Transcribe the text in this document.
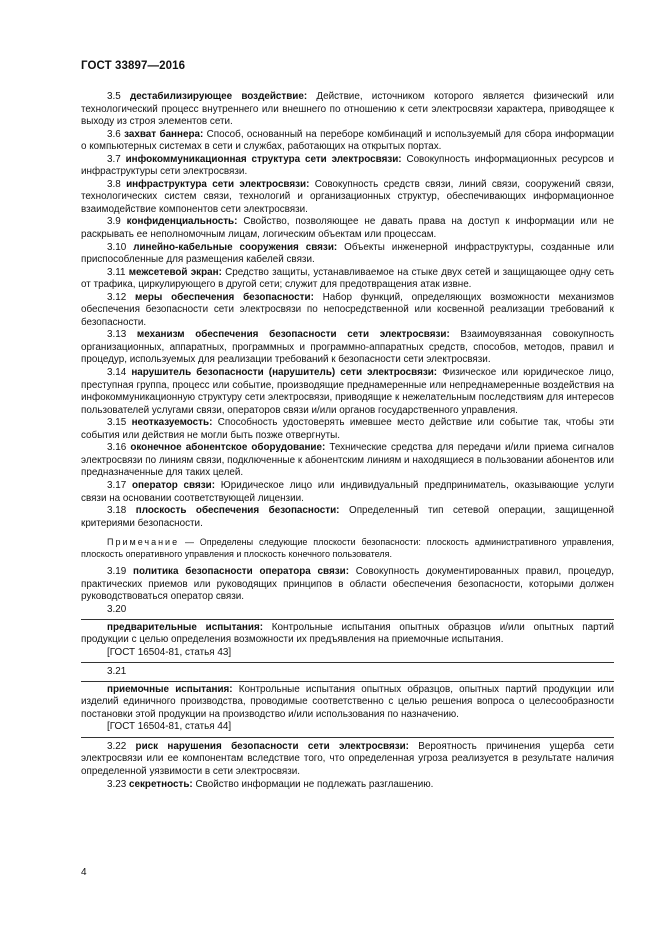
ГОСТ 33897—2016

3.5 дестабилизирующее воздействие: Действие, источником которого является физический или технологический процесс внутреннего или внешнего по отношению к сети электросвязи характера, приводящее к выходу из строя элементов сети.

3.6 захват баннера: Способ, основанный на переборе комбинаций и используемый для сбора информации о компьютерных системах в сети и службах, работающих на открытых портах.

3.7 инфокоммуникационная структура сети электросвязи: Совокупность информационных ресурсов и инфраструктуры сети электросвязи.

3.8 инфраструктура сети электросвязи: Совокупность средств связи, линий связи, сооружений связи, технологических систем связи, технологий и организационных структур, обеспечивающих информационное взаимодействие компонентов сети электросвязи.

3.9 конфиденциальность: Свойство, позволяющее не давать права на доступ к информации или не раскрывать ее неполномочным лицам, логическим объектам или процессам.

3.10 линейно-кабельные сооружения связи: Объекты инженерной инфраструктуры, созданные или приспособленные для размещения кабелей связи.

3.11 межсетевой экран: Средство защиты, устанавливаемое на стыке двух сетей и защищающее одну сеть от трафика, циркулирующего в другой сети; служит для предотвращения атак извне.

3.12 меры обеспечения безопасности: Набор функций, определяющих возможности механизмов обеспечения безопасности сети электросвязи по непосредственной или косвенной реализации требований к безопасности.

3.13 механизм обеспечения безопасности сети электросвязи: Взаимоувязанная совокупность организационных, аппаратных, программных и программно-аппаратных средств, способов, методов, правил и процедур, используемых для реализации требований к безопасности сети электросвязи.

3.14 нарушитель безопасности (нарушитель) сети электросвязи: Физическое или юридическое лицо, преступная группа, процесс или событие, производящие преднамеренные или непреднамеренные воздействия на инфокоммуникационную структуру сети электросвязи, приводящие к нежелательным последствиям для интересов пользователей услугами связи, операторов связи и/или органов государственного управления.

3.15 неотказуемость: Способность удостоверять имевшее место действие или событие так, чтобы эти события или действия не могли быть позже отвергнуты.

3.16 оконечное абонентское оборудование: Технические средства для передачи и/или приема сигналов электросвязи по линиям связи, подключенные к абонентским линиям и находящиеся в пользовании абонентов или предназначенные для таких целей.

3.17 оператор связи: Юридическое лицо или индивидуальный предприниматель, оказывающие услуги связи на основании соответствующей лицензии.

3.18 плоскость обеспечения безопасности: Определенный тип сетевой операции, защищенной критериями безопасности.

Примечание — Определены следующие плоскости безопасности: плоскость административного управления, плоскость оперативного управления и плоскость конечного пользователя.

3.19 политика безопасности оператора связи: Совокупность документированных правил, процедур, практических приемов или руководящих принципов в области обеспечения безопасности, которыми должен руководствоваться оператор связи.

3.20

предварительные испытания: Контрольные испытания опытных образцов и/или опытных партий продукции с целью определения возможности их предъявления на приемочные испытания.

[ГОСТ 16504-81, статья 43]

3.21

приемочные испытания: Контрольные испытания опытных образцов, опытных партий продукции или изделий единичного производства, проводимые соответственно с целью решения вопроса о целесообразности постановки этой продукции на производство и/или использования по назначению.

[ГОСТ 16504-81, статья 44]

3.22 риск нарушения безопасности сети электросвязи: Вероятность причинения ущерба сети электросвязи или ее компонентам вследствие того, что определенная угроза реализуется в результате наличия определенной уязвимости в сети электросвязи.

3.23 секретность: Свойство информации не подлежать разглашению.

4
